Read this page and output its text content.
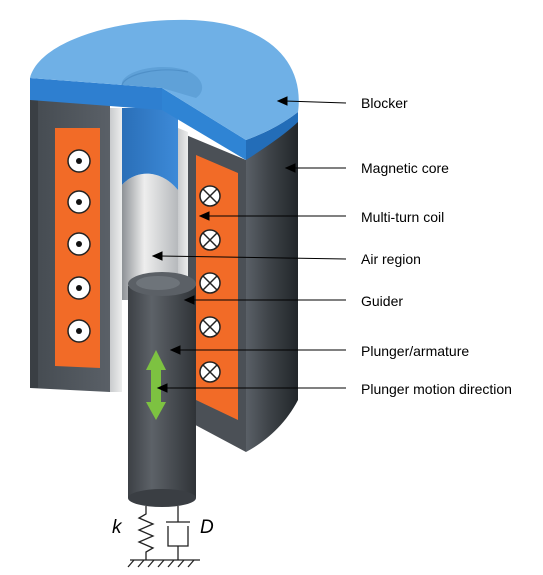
k	D
Blocker
Magnetic core
Multi-turn coil
Air region
Guider
Plunger/armature
Plunger motion direction
